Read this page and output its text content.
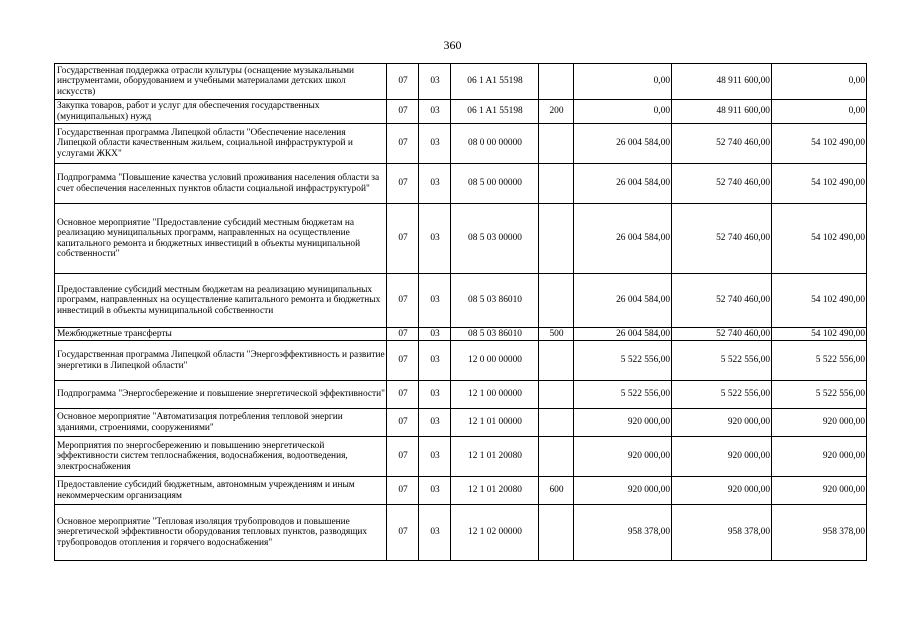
360
Государственная поддержка отрасли культуры (оснащение музыкальными инструментами, оборудованием и учебными материалами детских школ искусств)	07	03	06 1 A1 55198		0,00	48 911 600,00	0,00
Закупка товаров, работ и услуг для обеспечения государственных (муниципальных) нужд	07	03	06 1 A1 55198	200	0,00	48 911 600,00	0,00
Государственная программа Липецкой области "Обеспечение населения Липецкой области качественным жильем, социальной инфраструктурой и услугами ЖКХ"	07	03	08 0 00 00000		26 004 584,00	52 740 460,00	54 102 490,00
Подпрограмма "Повышение качества условий проживания населения области за счет обеспечения населенных пунктов области социальной инфраструктурой"	07	03	08 5 00 00000		26 004 584,00	52 740 460,00	54 102 490,00
Основное мероприятие "Предоставление субсидий местным бюджетам на реализацию муниципальных программ, направленных на осуществление капитального ремонта и бюджетных инвестиций в объекты муниципальной собственности"	07	03	08 5 03 00000		26 004 584,00	52 740 460,00	54 102 490,00
Предоставление субсидий местным бюджетам на реализацию муниципальных программ, направленных на осуществление капитального ремонта и бюджетных инвестиций в объекты муниципальной собственности	07	03	08 5 03 86010		26 004 584,00	52 740 460,00	54 102 490,00
Межбюджетные трансферты	07	03	08 5 03 86010	500	26 004 584,00	52 740 460,00	54 102 490,00
Государственная программа Липецкой области "Энергоэффективность и развитие энергетики в Липецкой области"	07	03	12 0 00 00000		5 522 556,00	5 522 556,00	5 522 556,00
Подпрограмма "Энергосбережение и повышение энергетической эффективности"	07	03	12 1 00 00000		5 522 556,00	5 522 556,00	5 522 556,00
Основное мероприятие "Автоматизация потребления тепловой энергии зданиями, строениями, сооружениями"	07	03	12 1 01 00000		920 000,00	920 000,00	920 000,00
Мероприятия по энергосбережению и повышению энергетической эффективности систем теплоснабжения, водоснабжения, водоотведения, электроснабжения	07	03	12 1 01 20080		920 000,00	920 000,00	920 000,00
Предоставление субсидий бюджетным, автономным учреждениям и иным некоммерческим организациям	07	03	12 1 01 20080	600	920 000,00	920 000,00	920 000,00
Основное мероприятие "Тепловая изоляция трубопроводов и повышение энергетической эффективности оборудования тепловых пунктов, разводящих трубопроводов отопления и горячего водоснабжения"	07	03	12 1 02 00000		958 378,00	958 378,00	958 378,00
